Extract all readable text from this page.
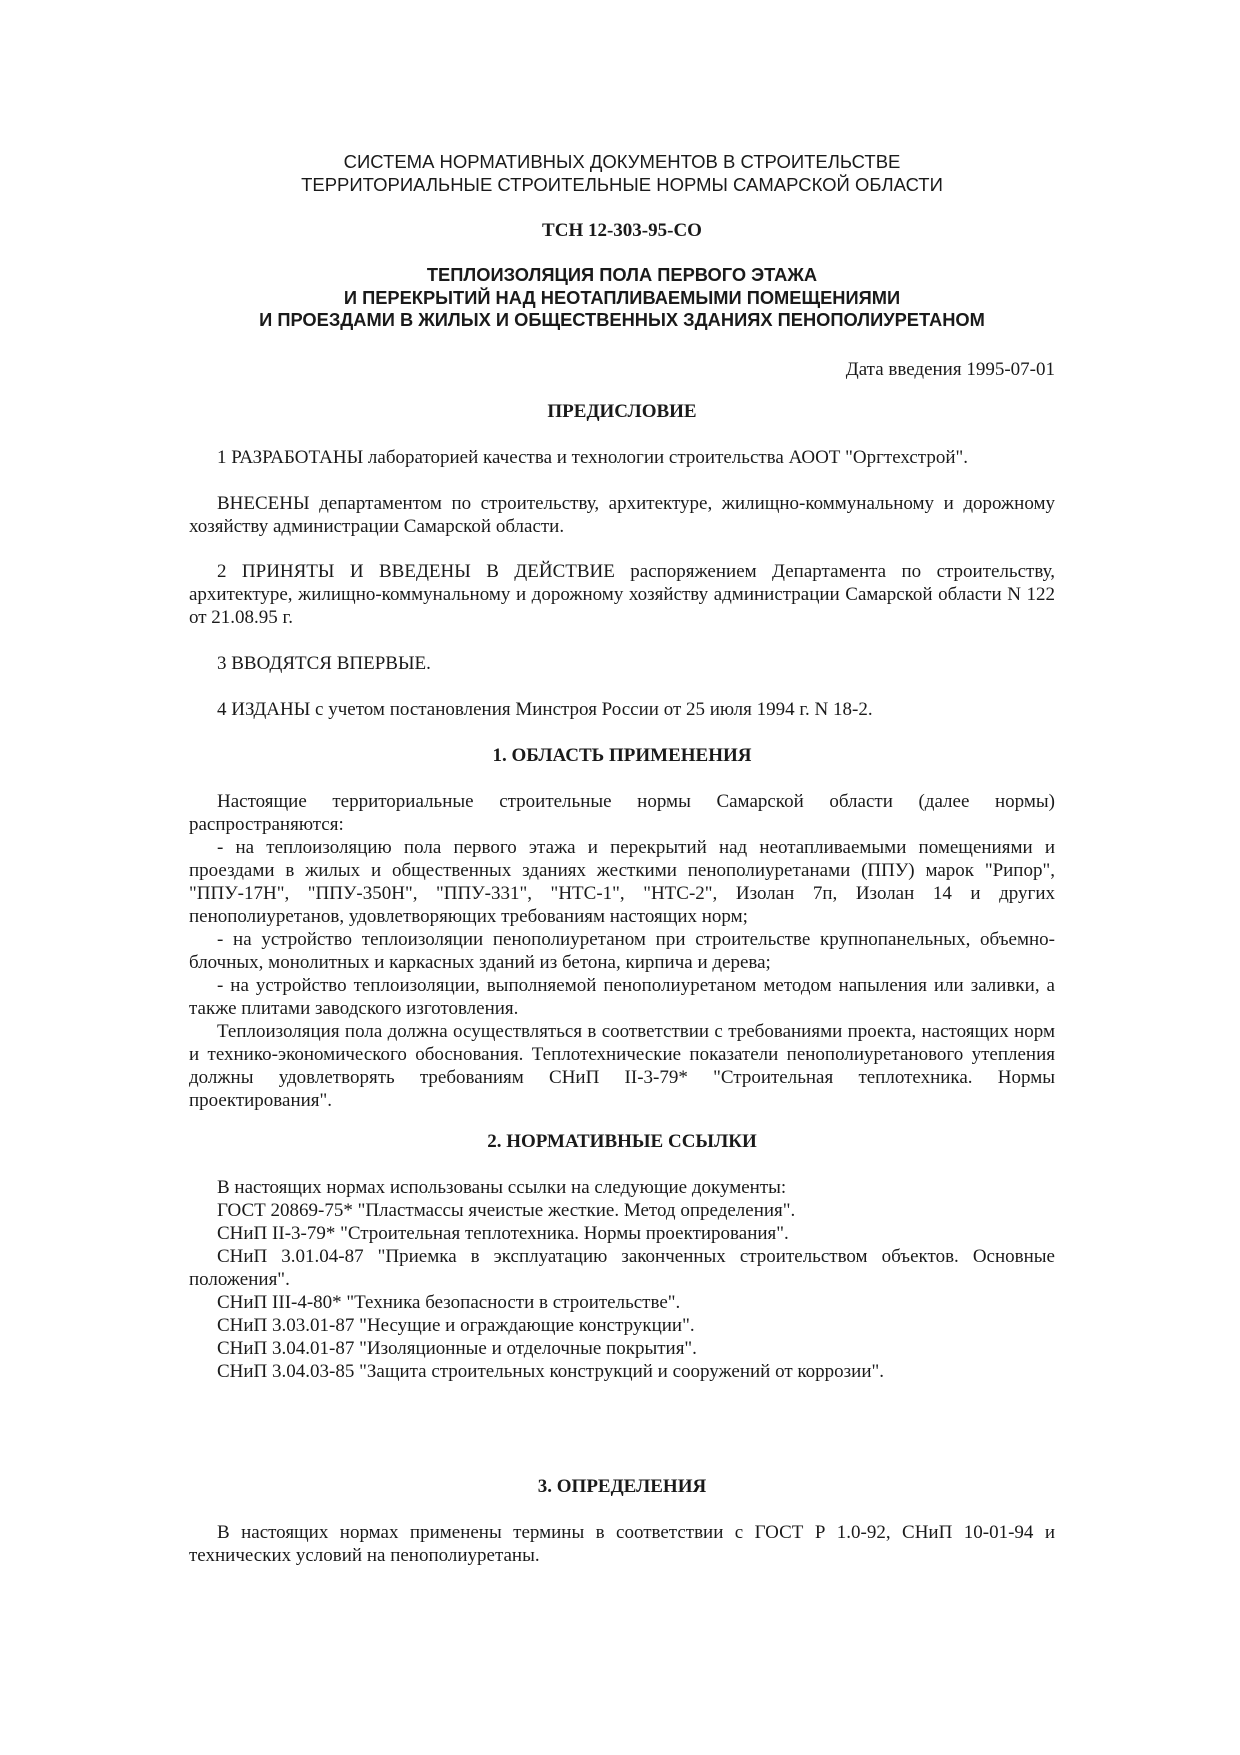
СИСТЕМА НОРМАТИВНЫХ ДОКУМЕНТОВ В СТРОИТЕЛЬСТВЕ
ТЕРРИТОРИАЛЬНЫЕ СТРОИТЕЛЬНЫЕ НОРМЫ САМАРСКОЙ ОБЛАСТИ
ТСН 12-303-95-СО
ТЕПЛОИЗОЛЯЦИЯ ПОЛА ПЕРВОГО ЭТАЖА
И ПЕРЕКРЫТИЙ НАД НЕОТАПЛИВАЕМЫМИ ПОМЕЩЕНИЯМИ
И ПРОЕЗДАМИ В ЖИЛЫХ И ОБЩЕСТВЕННЫХ ЗДАНИЯХ ПЕНОПОЛИУРЕТАНОМ
Дата введения 1995-07-01
ПРЕДИСЛОВИЕ
1 РАЗРАБОТАНЫ лабораторией качества и технологии строительства АООТ "Оргтехстрой".
ВНЕСЕНЫ департаментом по строительству, архитектуре, жилищно-коммунальному и дорожному хозяйству администрации Самарской области.
2 ПРИНЯТЫ И ВВЕДЕНЫ В ДЕЙСТВИЕ распоряжением Департамента по строительству, архитектуре, жилищно-коммунальному и дорожному хозяйству администрации Самарской области N 122 от 21.08.95 г.
3 ВВОДЯТСЯ ВПЕРВЫЕ.
4 ИЗДАНЫ с учетом постановления Минстроя России от 25 июля 1994 г. N 18-2.
1. ОБЛАСТЬ ПРИМЕНЕНИЯ
Настоящие территориальные строительные нормы Самарской области (далее нормы) распространяются:
- на теплоизоляцию пола первого этажа и перекрытий над неотапливаемыми помещениями и проездами в жилых и общественных зданиях жесткими пенополиуретанами (ППУ) марок "Рипор", "ППУ-17Н", "ППУ-350Н", "ППУ-331", "НТС-1", "НТС-2", Изолан 7п, Изолан 14 и других пенополиуретанов, удовлетворяющих требованиям настоящих норм;
- на устройство теплоизоляции пенополиуретаном при строительстве крупнопанельных, объемно-блочных, монолитных и каркасных зданий из бетона, кирпича и дерева;
- на устройство теплоизоляции, выполняемой пенополиуретаном методом напыления или заливки, а также плитами заводского изготовления.
Теплоизоляция пола должна осуществляться в соответствии с требованиями проекта, настоящих норм и технико-экономического обоснования. Теплотехнические показатели пенополиуретанового утепления должны удовлетворять требованиям СНиП II-3-79* "Строительная теплотехника. Нормы проектирования".
2. НОРМАТИВНЫЕ ССЫЛКИ
В настоящих нормах использованы ссылки на следующие документы:
ГОСТ 20869-75* "Пластмассы ячеистые жесткие. Метод определения".
СНиП II-3-79* "Строительная теплотехника. Нормы проектирования".
СНиП 3.01.04-87 "Приемка в эксплуатацию законченных строительством объектов. Основные положения".
СНиП III-4-80* "Техника безопасности в строительстве".
СНиП 3.03.01-87 "Несущие и ограждающие конструкции".
СНиП 3.04.01-87 "Изоляционные и отделочные покрытия".
СНиП 3.04.03-85 "Защита строительных конструкций и сооружений от коррозии".
3. ОПРЕДЕЛЕНИЯ
В настоящих нормах применены термины в соответствии с ГОСТ Р 1.0-92, СНиП 10-01-94 и технических условий на пенополиуретаны.
